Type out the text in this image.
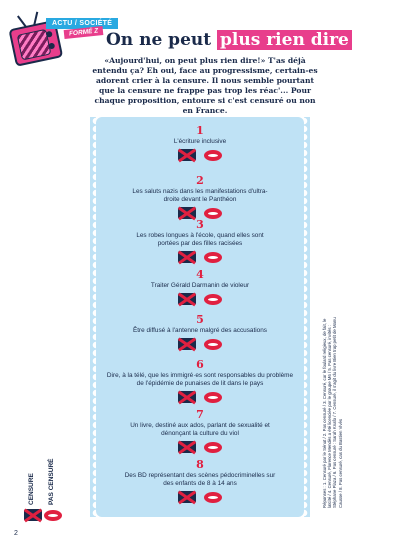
ACTU / SOCIÉTÉ
FORMÉ Z On ne peut plus rien dire
«Aujourd'hui, on peut plus rien dire!» T'as déjà entendu ça? Eh oui, face au progressisme, certain-es adorent crier à la censure. Il nous semble pourtant que la censure ne frappe pas trop les réac'... Pour chaque proposition, entoure si c'est censuré ou non en France.
1
L'écriture inclusive
2
Les saluts nazis dans les manifestations d'ultra-droite devant le Panthéon
3
Les robes longues à l'école, quand elles sont portées par des filles racisées
4
Traiter Gérald Darmanin de violeur
5
Être diffusé à l'antenne malgré des accusations
6
Dire, à la télé, que les immigré·es sont responsables du problème de l'épidémie de punaises de lit dans le pays
7
Un livre, destiné aux ados, parlant de sexualité et dénonçant la culture du viol
8
Des BD représentant des scènes pédocriminelles sur des enfants de 8 à 14 ans
CENSURE PAS CENSURÉ	Réponses : 1. Censuré par le Sénat / 2. Pas censuré / 3. Censuré, car le foulard religieux, de fait, le laïcité / 4. Censuré, Florence Mendès a été licenciée par le groupe M6 / 5. Pas censuré, invités : Stéphane Plaza / 6. Pas censuré : Sarah Knafo / 7. Censuré, il s'agit du livre Bien trop petit de Manu Causse / 8. Pas censuré, cas du Bastien Vivès
2
